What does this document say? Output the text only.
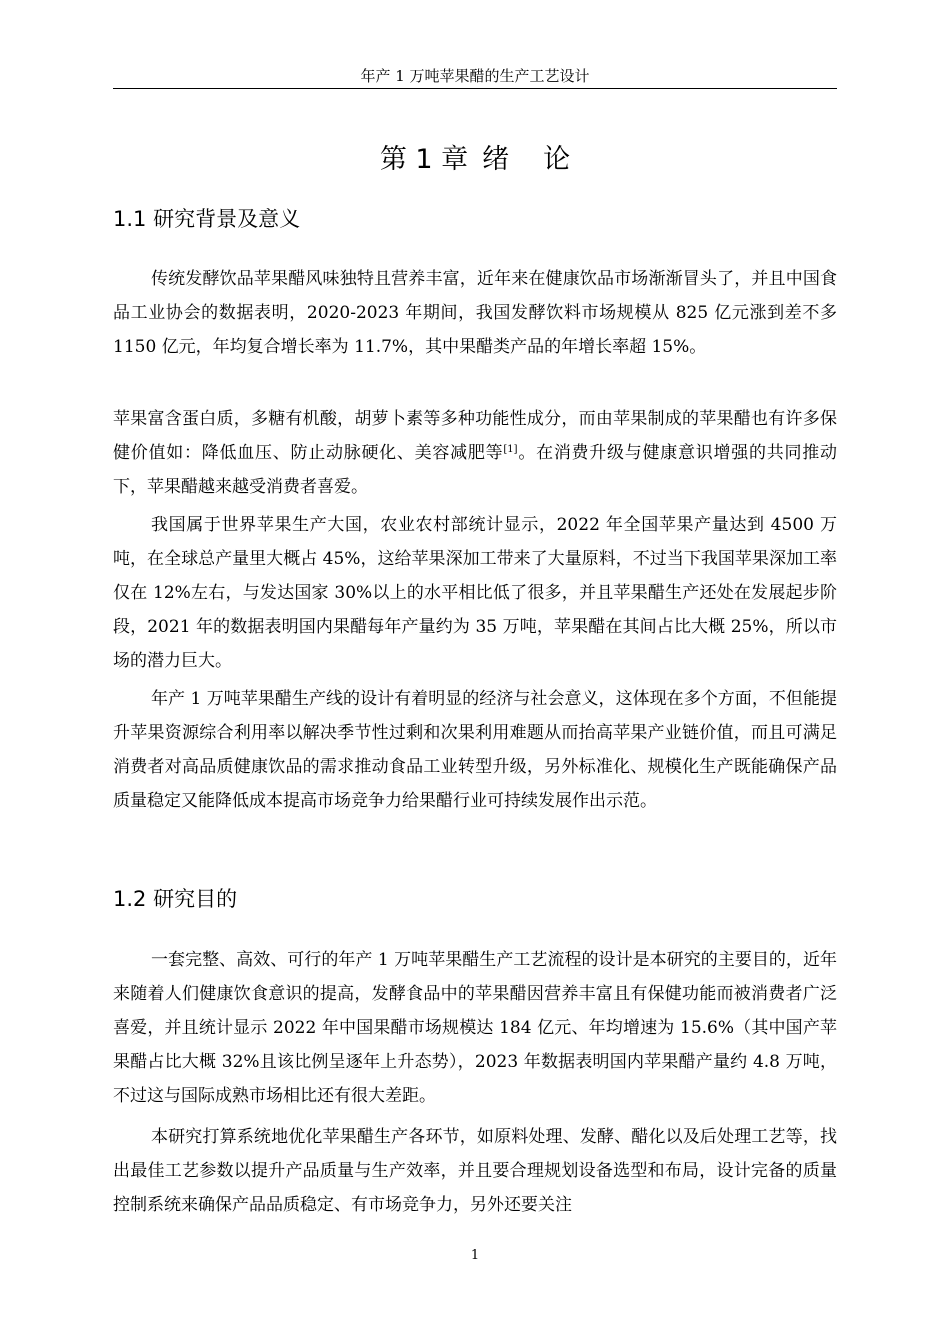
年产 1 万吨苹果醋的生产工艺设计
第 1 章 绪 论
1.1 研究背景及意义

传统发酵饮品苹果醋风味独特且营养丰富，近年来在健康饮品市场渐渐冒头了，并且中国食品工业协会的数据表明，2020-2023 年期间，我国发酵饮料市场规模从 825 亿元涨到差不多 1150 亿元，年均复合增长率为 11.7%，其中果醋类产品的年增长率超 15%。

苹果富含蛋白质，多糖有机酸，胡萝卜素等多种功能性成分，而由苹果制成的苹果醋也有许多保健价值如：降低血压、防止动脉硬化、美容减肥等[1]。在消费升级与健康意识增强的共同推动下，苹果醋越来越受消费者喜爱。

我国属于世界苹果生产大国，农业农村部统计显示，2022 年全国苹果产量达到 4500 万吨，在全球总产量里大概占 45%，这给苹果深加工带来了大量原料，不过当下我国苹果深加工率仅在 12%左右，与发达国家 30%以上的水平相比低了很多，并且苹果醋生产还处在发展起步阶段，2021 年的数据表明国内果醋每年产量约为 35 万吨，苹果醋在其间占比大概 25%，所以市场的潜力巨大。

年产 1 万吨苹果醋生产线的设计有着明显的经济与社会意义，这体现在多个方面，不但能提升苹果资源综合利用率以解决季节性过剩和次果利用难题从而抬高苹果产业链价值，而且可满足消费者对高品质健康饮品的需求推动食品工业转型升级，另外标准化、规模化生产既能确保产品质量稳定又能降低成本提高市场竞争力给果醋行业可持续发展作出示范。

1.2 研究目的

一套完整、高效、可行的年产 1 万吨苹果醋生产工艺流程的设计是本研究的主要目的，近年来随着人们健康饮食意识的提高，发酵食品中的苹果醋因营养丰富且有保健功能而被消费者广泛喜爱，并且统计显示 2022 年中国果醋市场规模达 184 亿元、年均增速为 15.6%（其中国产苹果醋占比大概 32%且该比例呈逐年上升态势），2023 年数据表明国内苹果醋产量约 4.8 万吨，不过这与国际成熟市场相比还有很大差距。

本研究打算系统地优化苹果醋生产各环节，如原料处理、发酵、醋化以及后处理工艺等，找出最佳工艺参数以提升产品质量与生产效率，并且要合理规划设备选型和布局，设计完备的质量控制系统来确保产品品质稳定、有市场竞争力，另外还要关注

1
